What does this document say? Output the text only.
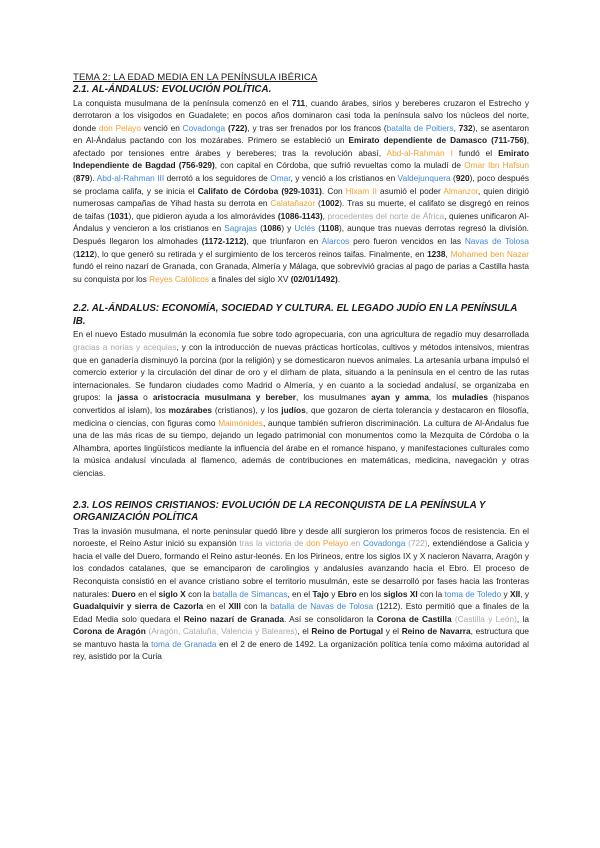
TEMA 2: LA EDAD MEDIA EN LA PENÍNSULA IBÉRICA
2.1. AL-ÁNDALUS: EVOLUCIÓN POLÍTICA.

La conquista musulmana de la península comenzó en el 711, cuando árabes, sirios y bereberes cruzaron el Estrecho y derrotaron a los visigodos en Guadalete; en pocos años dominaron casi toda la península salvo los núcleos del norte, donde don Pelayo venció en Covadonga (722), y tras ser frenados por los francos (batalla de Poitiers, 732), se asentaron en Al-Ándalus pactando con los mozárabes. Primero se estableció un Emirato dependiente de Damasco (711-756), afectado por tensiones entre árabes y bereberes; tras la revolución abasí, Abd-al-Rahman I fundó el Emirato Independiente de Bagdad (756-929), con capital en Córdoba, que sufrió revueltas como la muladí de Omar Ibn Hafsun (879). Abd-al-Rahman III derrotó a los seguidores de Omar, y venció a los cristianos en Valdejunquera (920), poco después se proclama califa, y se inicia el Califato de Córdoba (929-1031). Con Hixam II asumió el poder Almanzor, quien dirigió numerosas campañas de Yihad hasta su derrota en Calatañazor (1002). Tras su muerte, el califato se disgregó en reinos de taifas (1031), que pidieron ayuda a los almorávides (1086-1143), procedentes del norte de África, quienes unificaron Al-Ándalus y vencieron a los cristianos en Sagrajas (1086) y Uclés (1108), aunque tras nuevas derrotas regresó la división. Después llegaron los almohades (1172-1212), que triunfaron en Alarcos pero fueron vencidos en las Navas de Tolosa (1212), lo que generó su retirada y el surgimiento de los terceros reinos taifas. Finalmente, en 1238, Mohamed ben Nazar fundó el reino nazarí de Granada, con Granada, Almería y Málaga, que sobrevivió gracias al pago de parias a Castilla hasta su conquista por los Reyes Católicos a finales del siglo XV (02/01/1492).

2.2. AL-ÁNDALUS: ECONOMÍA, SOCIEDAD Y CULTURA. EL LEGADO JUDÍO EN LA PENÍNSULA IB.

En el nuevo Estado musulmán la economía fue sobre todo agropecuaria, con una agricultura de regadío muy desarrollada gracias a norias y acequias, y con la introducción de nuevas prácticas hortícolas, cultivos y métodos intensivos, mientras que en ganadería disminuyó la porcina (por la religión) y se domesticaron nuevos animales. La artesanía urbana impulsó el comercio exterior y la circulación del dinar de oro y el dírham de plata, situando a la península en el centro de las rutas internacionales. Se fundaron ciudades como Madrid o Almería, y en cuanto a la sociedad andalusí, se organizaba en grupos: la jassa o aristocracia musulmana y bereber, los musulmanes ayan y amma, los muladíes (hispanos convertidos al islam), los mozárabes (cristianos), y los judíos, que gozaron de cierta tolerancia y destacaron en filosofía, medicina o ciencias, con figuras como Maimónides, aunque también sufrieron discriminación. La cultura de Al-Ándalus fue una de las más ricas de su tiempo, dejando un legado patrimonial con monumentos como la Mezquita de Córdoba o la Alhambra, aportes lingüísticos mediante la influencia del árabe en el romance hispano, y manifestaciones culturales como la música andalusí vinculada al flamenco, además de contribuciones en matemáticas, medicina, navegación y otras ciencias.

2.3. LOS REINOS CRISTIANOS: EVOLUCIÓN DE LA RECONQUISTA DE LA PENÍNSULA Y ORGANIZACIÓN POLÍTICA

Tras la invasión musulmana, el norte peninsular quedó libre y desde allí surgieron los primeros focos de resistencia. En el noroeste, el Reino Astur inició su expansión tras la victoria de don Pelayo en Covadonga (722), extendiéndose a Galicia y hacia el valle del Duero, formando el Reino astur-leonés. En los Pirineos, entre los siglos IX y X nacieron Navarra, Aragón y los condados catalanes, que se emanciparon de carolingios y andalusíes avanzando hacia el Ebro. El proceso de Reconquista consistió en el avance cristiano sobre el territorio musulmán, este se desarrolló por fases hacia las fronteras naturales: Duero en el siglo X con la batalla de Simancas, en el Tajo y Ebro en los siglos XI con la toma de Toledo y XII, y Guadalquivir y sierra de Cazorla en el XIII con la batalla de Navas de Tolosa (1212). Esto permitió que a finales de la Edad Media solo quedara el Reino nazarí de Granada. Así se consolidaron la Corona de Castilla (Castilla y León), la Corona de Aragón (Aragón, Cataluña, Valencia y Baleares), el Reino de Portugal y el Reino de Navarra, estructura que se mantuvo hasta la toma de Granada en el 2 de enero de 1492. La organización política tenía como máxima autoridad al rey, asistido por la Curia
